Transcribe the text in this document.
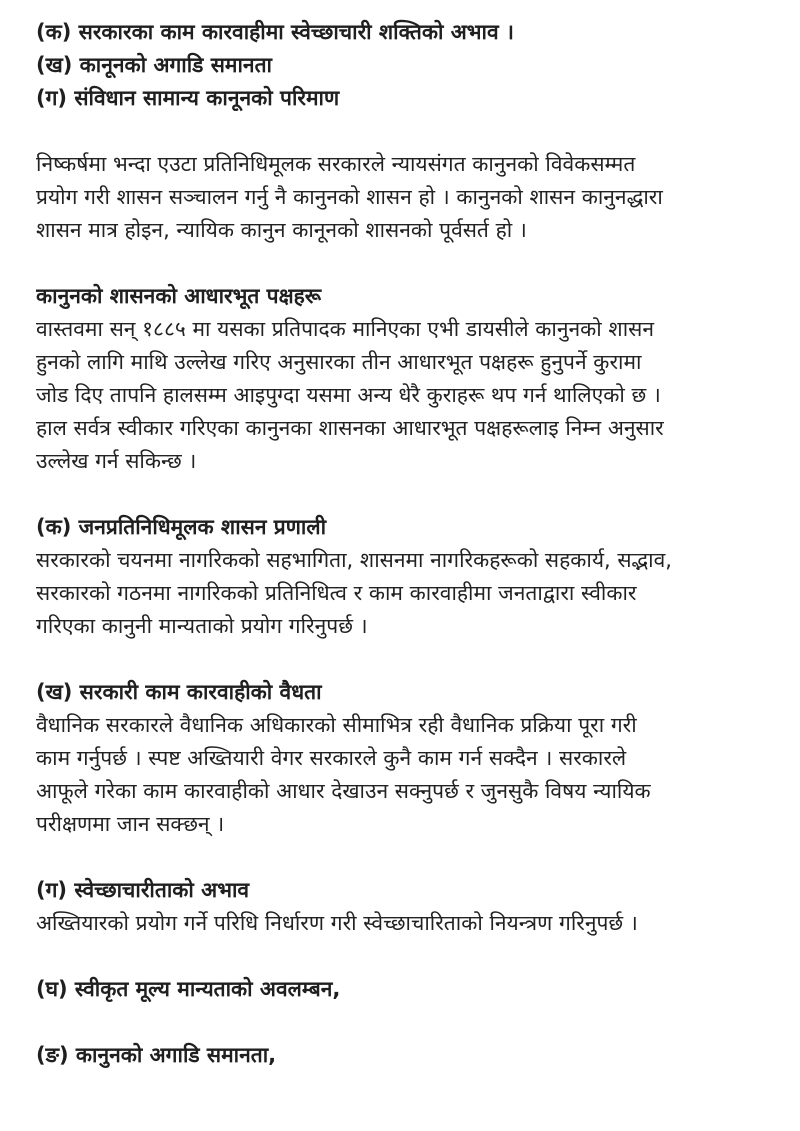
(क) सरकारका काम कारवाहीमा स्वेच्छाचारी शक्तिको अभाव ।
(ख) कानूनको अगाडि समानता
(ग) संविधान सामान्य कानूनको परिमाण
निष्कर्षमा भन्दा एउटा प्रतिनिधिमूलक सरकारले न्यायसंगत कानुनको विवेकसम्मत
प्रयोग गरी शासन सञ्चालन गर्नु नै कानुनको शासन हो । कानुनको शासन कानुनद्धारा
शासन मात्र होइन, न्यायिक कानुन कानूनको शासनको पूर्वसर्त हो ।
कानुनको शासनको आधारभूत पक्षहरू
वास्तवमा सन् १८८५ मा यसका प्रतिपादक मानिएका एभी डायसीले कानुनको शासन
हुनको लागि माथि उल्लेख गरिए अनुसारका तीन आधारभूत पक्षहरू हुनुपर्ने कुरामा
जोड दिए तापनि हालसम्म आइपुग्दा यसमा अन्य धेरै कुराहरू थप गर्न थालिएको छ ।
हाल सर्वत्र स्वीकार गरिएका कानुनका शासनका आधारभूत पक्षहरूलाइ निम्न अनुसार
उल्लेख गर्न सकिन्छ ।
(क) जनप्रतिनिधिमूलक शासन प्रणाली
सरकारको चयनमा नागरिकको सहभागिता, शासनमा नागरिकहरूको सहकार्य, सद्भाव,
सरकारको गठनमा नागरिकको प्रतिनिधित्व र काम कारवाहीमा जनताद्वारा स्वीकार
गरिएका कानुनी मान्यताको प्रयोग गरिनुपर्छ ।
(ख) सरकारी काम कारवाहीको वैधता
वैधानिक सरकारले वैधानिक अधिकारको सीमाभित्र रही वैधानिक प्रक्रिया पूरा गरी
काम गर्नुपर्छ । स्पष्ट अख्तियारी वेगर सरकारले कुनै काम गर्न सक्दैन । सरकारले
आफूले गरेका काम कारवाहीको आधार देखाउन सक्नुपर्छ र जुनसुकै विषय न्यायिक
परीक्षणमा जान सक्छन् ।
(ग) स्वेच्छाचारीताको अभाव
अख्तियारको प्रयोग गर्ने परिधि निर्धारण गरी स्वेच्छाचारिताको नियन्त्रण गरिनुपर्छ ।
(घ) स्वीकृत मूल्य मान्यताको अवलम्बन,
(ङ) कानुनको अगाडि समानता,
